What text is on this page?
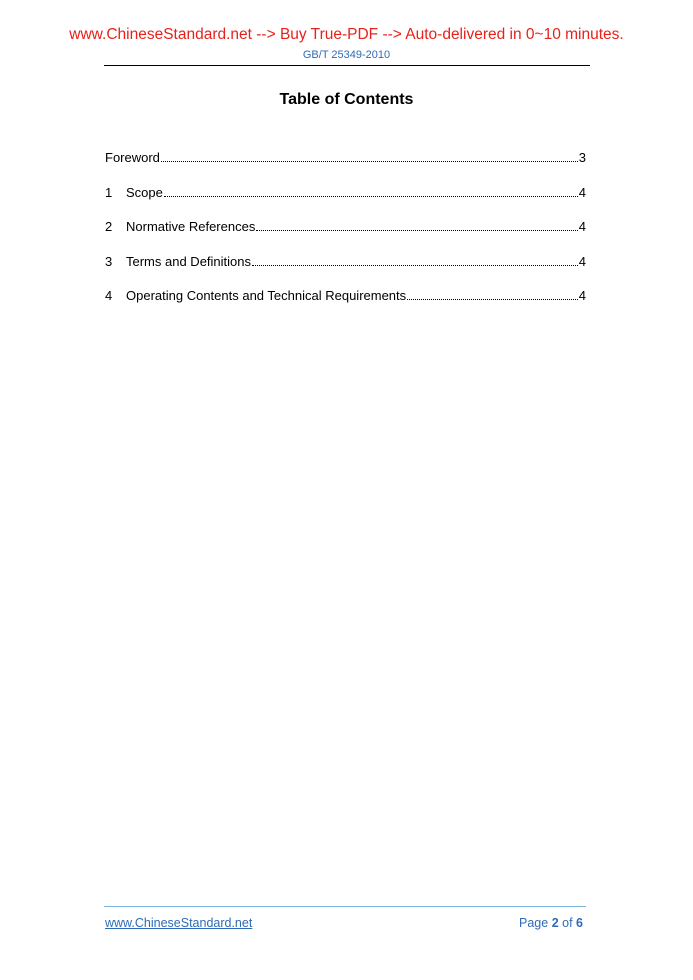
www.ChineseStandard.net --> Buy True-PDF --> Auto-delivered in 0~10 minutes.
GB/T 25349-2010
Table of Contents
Foreword	3
1	Scope	4
2	Normative References	4
3	Terms and Definitions	4
4	Operating Contents and Technical Requirements	4
www.ChineseStandard.net	Page 2 of 6
